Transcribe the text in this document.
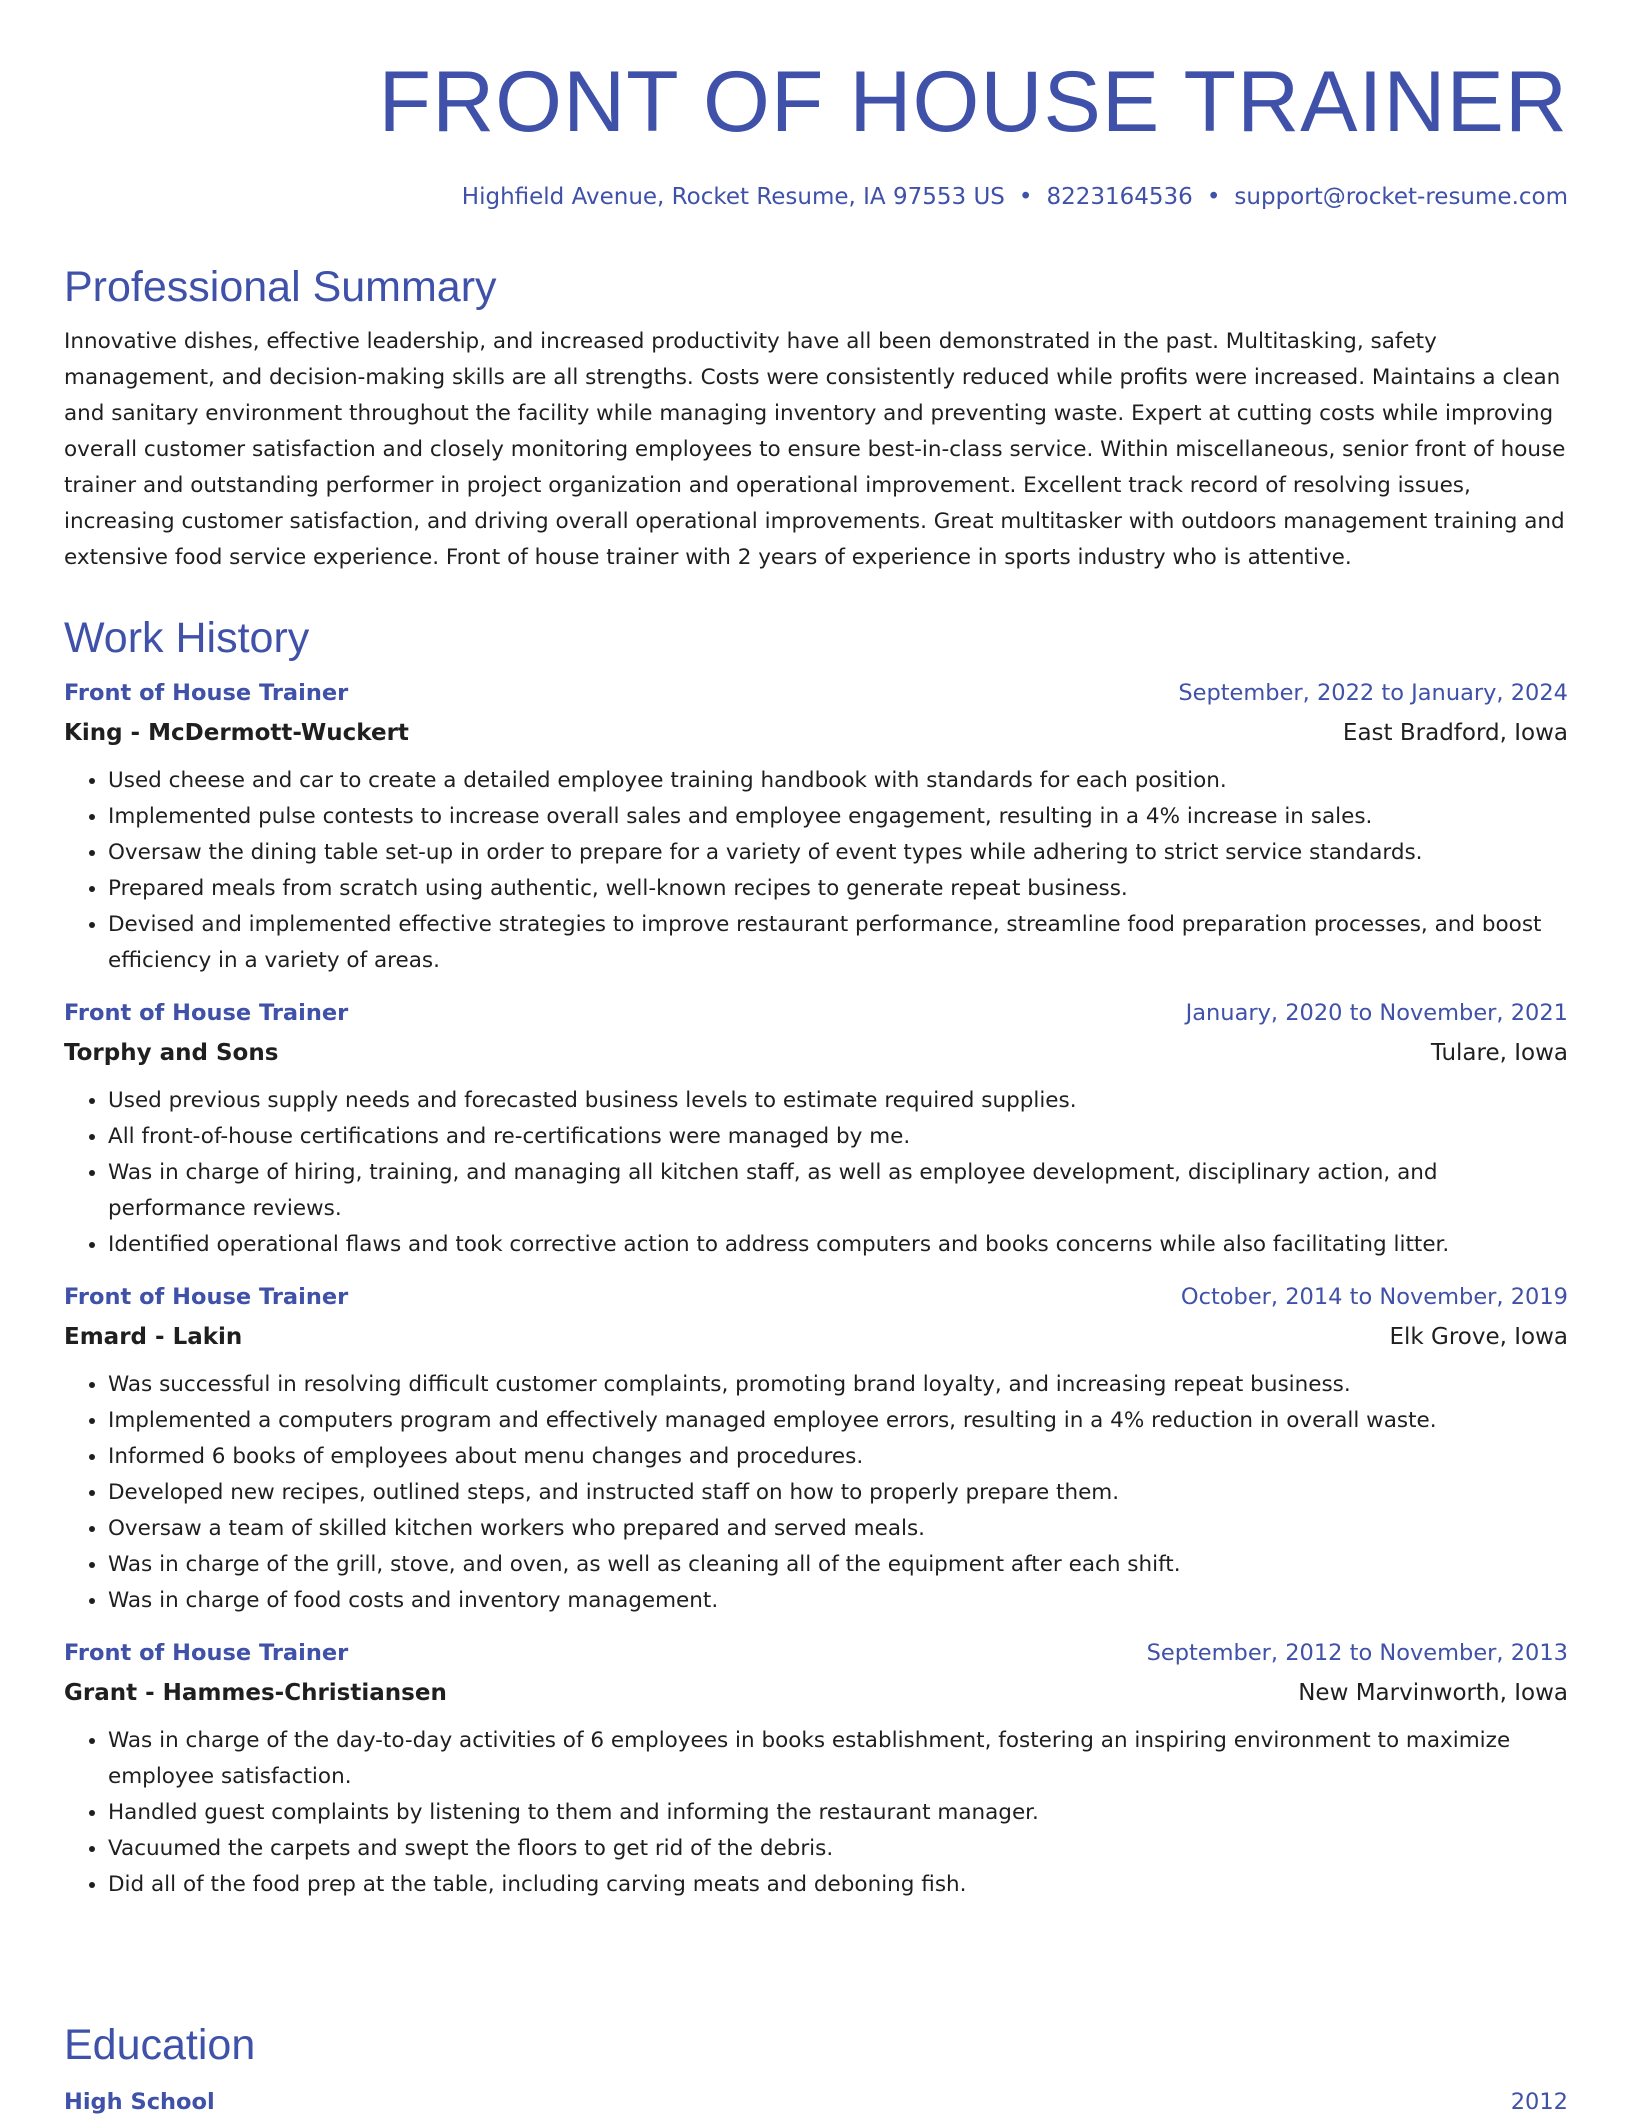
FRONT OF HOUSE TRAINER
Highfield Avenue, Rocket Resume, IA 97553 US • 8223164536 • support@rocket-resume.com
Professional Summary

Innovative dishes, effective leadership, and increased productivity have all been demonstrated in the past. Multitasking, safety management, and decision-making skills are all strengths. Costs were consistently reduced while profits were increased. Maintains a clean and sanitary environment throughout the facility while managing inventory and preventing waste. Expert at cutting costs while improving overall customer satisfaction and closely monitoring employees to ensure best-in-class service. Within miscellaneous, senior front of house trainer and outstanding performer in project organization and operational improvement. Excellent track record of resolving issues, increasing customer satisfaction, and driving overall operational improvements. Great multitasker with outdoors management training and extensive food service experience. Front of house trainer with 2 years of experience in sports industry who is attentive.

Work History
Front of House Trainer	September, 2022 to January, 2024
King - McDermott-Wuckert	East Bradford, Iowa
• Used cheese and car to create a detailed employee training handbook with standards for each position.
• Implemented pulse contests to increase overall sales and employee engagement, resulting in a 4% increase in sales.
• Oversaw the dining table set-up in order to prepare for a variety of event types while adhering to strict service standards.
• Prepared meals from scratch using authentic, well-known recipes to generate repeat business.
• Devised and implemented effective strategies to improve restaurant performance, streamline food preparation processes, and boost efficiency in a variety of areas.
Front of House Trainer	January, 2020 to November, 2021
Torphy and Sons	Tulare, Iowa
• Used previous supply needs and forecasted business levels to estimate required supplies.
• All front-of-house certifications and re-certifications were managed by me.
• Was in charge of hiring, training, and managing all kitchen staff, as well as employee development, disciplinary action, and performance reviews.
• Identified operational flaws and took corrective action to address computers and books concerns while also facilitating litter.
Front of House Trainer	October, 2014 to November, 2019
Emard - Lakin	Elk Grove, Iowa
• Was successful in resolving difficult customer complaints, promoting brand loyalty, and increasing repeat business.
• Implemented a computers program and effectively managed employee errors, resulting in a 4% reduction in overall waste.
• Informed 6 books of employees about menu changes and procedures.
• Developed new recipes, outlined steps, and instructed staff on how to properly prepare them.
• Oversaw a team of skilled kitchen workers who prepared and served meals.
• Was in charge of the grill, stove, and oven, as well as cleaning all of the equipment after each shift.
• Was in charge of food costs and inventory management.
Front of House Trainer	September, 2012 to November, 2013
Grant - Hammes-Christiansen	New Marvinworth, Iowa
• Was in charge of the day-to-day activities of 6 employees in books establishment, fostering an inspiring environment to maximize employee satisfaction.
• Handled guest complaints by listening to them and informing the restaurant manager.
• Vacuumed the carpets and swept the floors to get rid of the debris.
• Did all of the food prep at the table, including carving meats and deboning fish.
Education
High School	2012
